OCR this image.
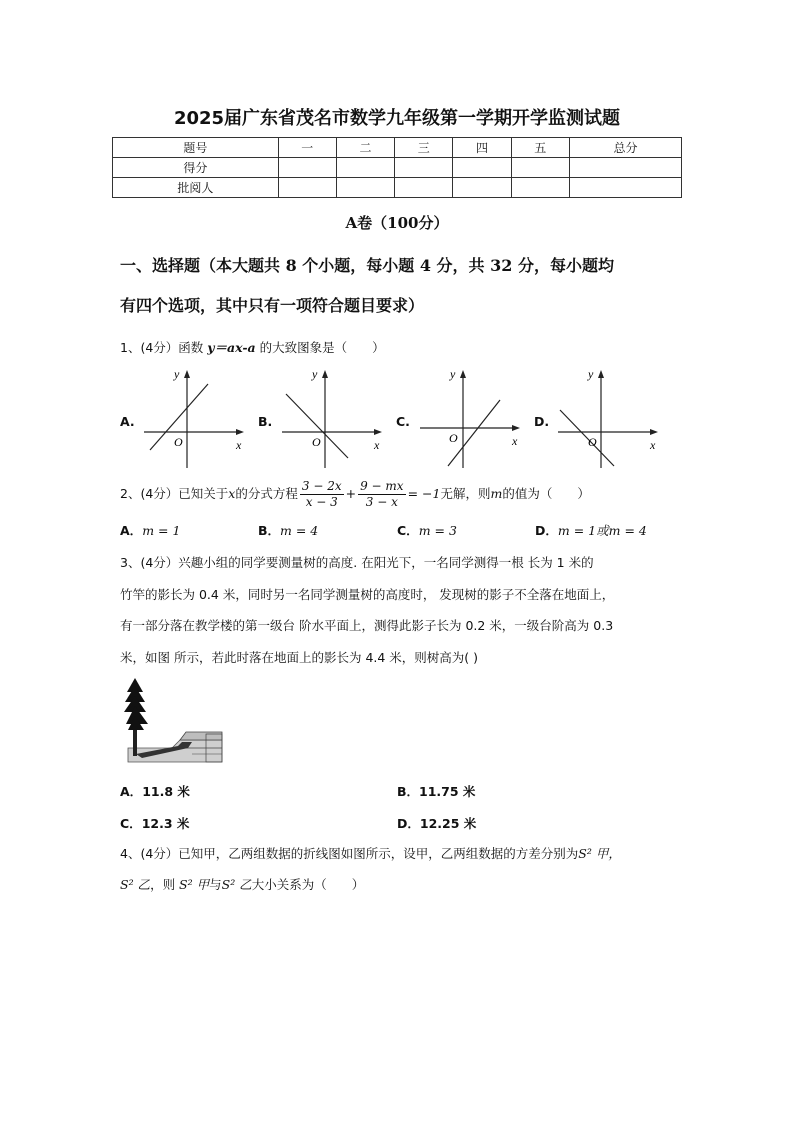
2025届广东省茂名市数学九年级第一学期开学监测试题
题号	一	二	三	四	五	总分
得分						
批阅人						
A卷（100分）
一、选择题（本大题共 8 个小题，每小题 4 分，共 32 分，每小题均
有四个选项，其中只有一项符合题目要求）
1、(4分）函数 y＝ax-a 的大致图象是（　　）
A.
y
x
O
B.
y
x
O
C.
y
x
O
D.
y
x
O
2、(4分）已知关于x的分式方程 $\frac{3 - 2x}{x - 3} + \frac{9 - mx}{3 - x} = -1$无解，则m的值为（　　）
A．m = 1	B．m = 4	C．m = 3	D．m = 1或m = 4
3、(4分）兴趣小组的同学要测量树的高度. 在阳光下，一名同学测得一根 长为 1 米的
竹竿的影长为 0.4 米，同时另一名同学测量树的高度时， 发现树的影子不全落在地面上，
有一部分落在教学楼的第一级台 阶水平面上，测得此影子长为 0.2 米，一级台阶高为 0.3
米，如图 所示，若此时落在地面上的影长为 4.4 米，则树高为( )
A．11.8 米	B．11.75 米
C．12.3 米	D．12.25 米
4、(4分）已知甲，乙两组数据的折线图如图所示，设甲，乙两组数据的方差分别为S² 甲，
S² 乙，则 S² 甲与S² 乙大小关系为（　　）
